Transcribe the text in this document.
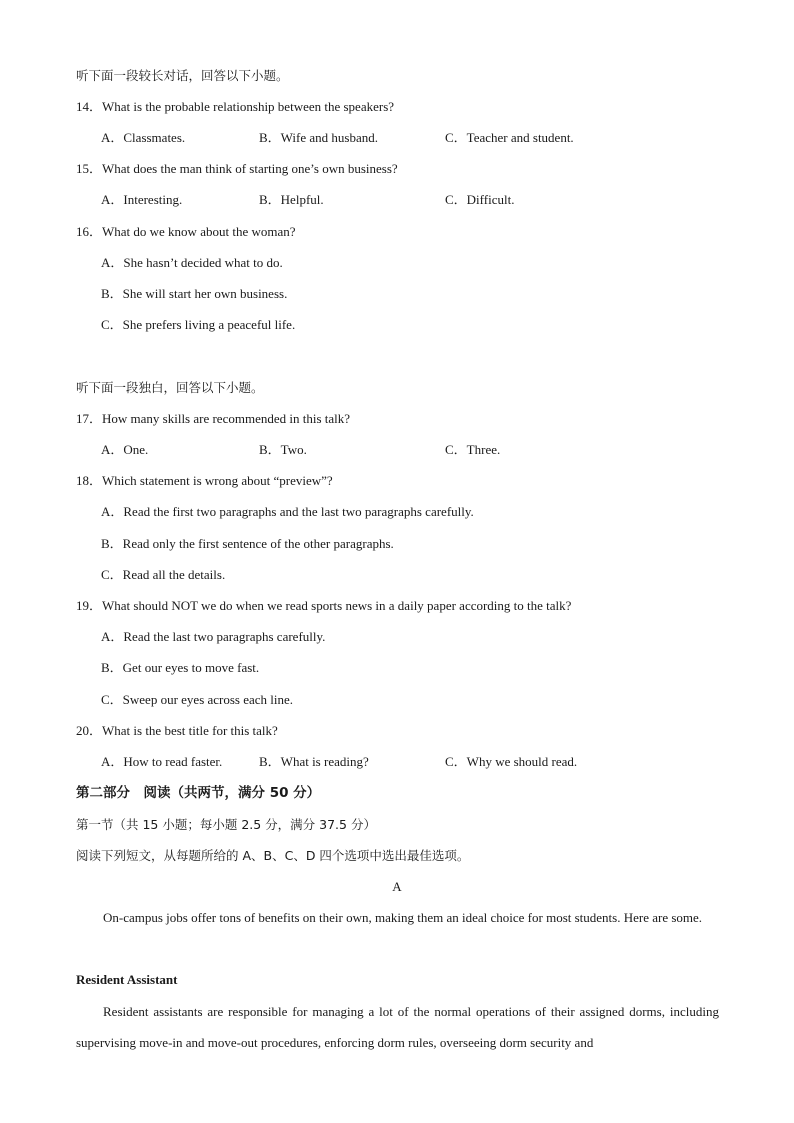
听下面一段较长对话，回答以下小题。
14．What is the probable relationship between the speakers?
A．Classmates.	B．Wife and husband.	C．Teacher and student.
15．What does the man think of starting one’s own business?
A．Interesting.	B．Helpful.	C．Difficult.
16．What do we know about the woman?
A．She hasn’t decided what to do.
B．She will start her own business.
C．She prefers living a peaceful life.
听下面一段独白，回答以下小题。
17．How many skills are recommended in this talk?
A．One.	B．Two.	C．Three.
18．Which statement is wrong about “preview”?
A．Read the first two paragraphs and the last two paragraphs carefully.
B．Read only the first sentence of the other paragraphs.
C．Read all the details.
19．What should NOT we do when we read sports news in a daily paper according to the talk?
A．Read the last two paragraphs carefully.
B．Get our eyes to move fast.
C．Sweep our eyes across each line.
20．What is the best title for this talk?
A．How to read faster.	B．What is reading?	C．Why we should read.
第二部分　阅读（共两节，满分 50 分）
第一节（共 15 小题；每小题 2.5 分，满分 37.5 分）
阅读下列短文，从每题所给的 A、B、C、D 四个选项中选出最佳选项。
A
On-campus jobs offer tons of benefits on their own, making them an ideal choice for most students. Here are some.
Resident Assistant
Resident assistants are responsible for managing a lot of the normal operations of their assigned dorms, including supervising move-in and move-out procedures, enforcing dorm rules, overseeing dorm security and
